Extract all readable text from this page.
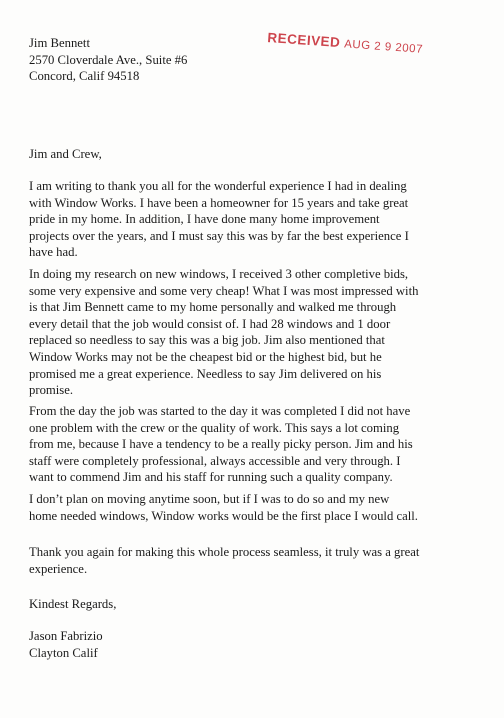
RECEIVED AUG 2 9 2007
Jim Bennett
2570 Cloverdale Ave., Suite #6
Concord, Calif 94518
Jim and Crew,
I am writing to thank you all for the wonderful experience I had in dealing
with Window Works. I have been a homeowner for 15 years and take great
pride in my home. In addition, I have done many home improvement
projects over the years, and I must say this was by far the best experience I
have had.
In doing my research on new windows, I received 3 other completive bids,
some very expensive and some very cheap! What I was most impressed with
is that Jim Bennett came to my home personally and walked me through
every detail that the job would consist of. I had 28 windows and 1 door
replaced so needless to say this was a big job. Jim also mentioned that
Window Works may not be the cheapest bid or the highest bid, but he
promised me a great experience. Needless to say Jim delivered on his
promise.
From the day the job was started to the day it was completed I did not have
one problem with the crew or the quality of work. This says a lot coming
from me, because I have a tendency to be a really picky person. Jim and his
staff were completely professional, always accessible and very through. I
want to commend Jim and his staff for running such a quality company.
I don’t plan on moving anytime soon, but if I was to do so and my new
home needed windows, Window works would be the first place I would call.
Thank you again for making this whole process seamless, it truly was a great
experience.
Kindest Regards,
Jason Fabrizio
Clayton Calif
